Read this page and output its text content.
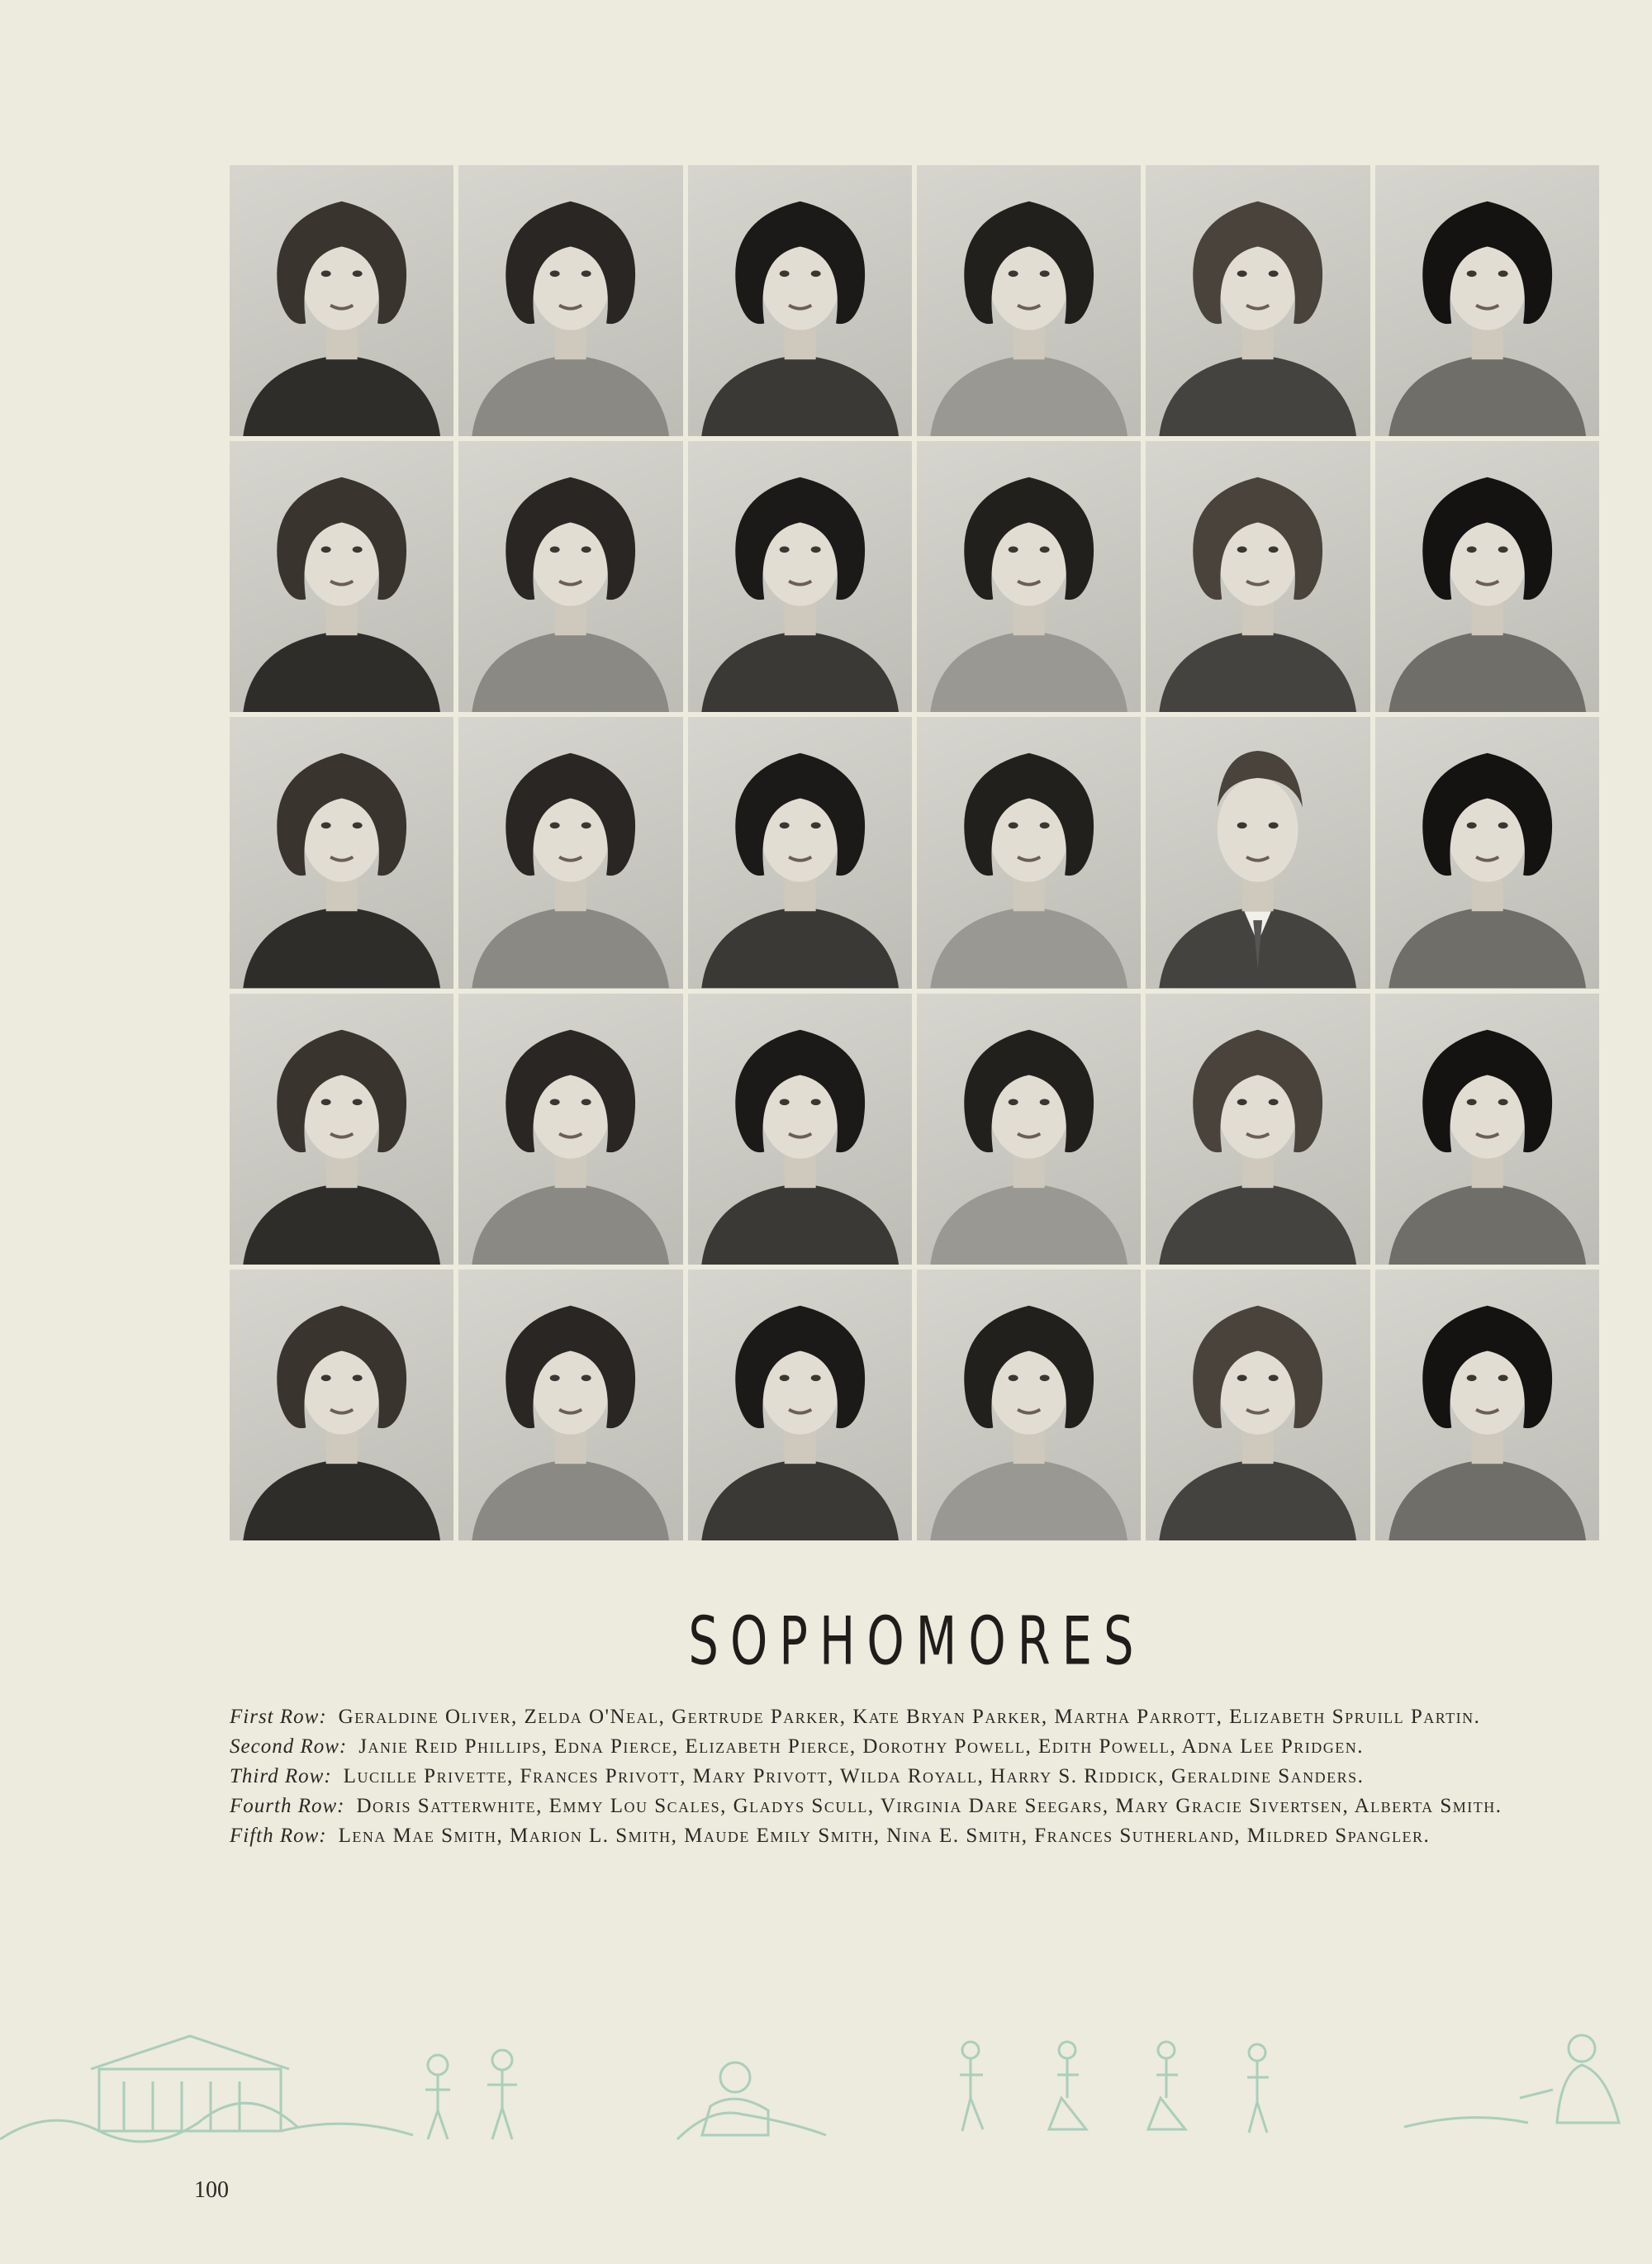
SOPHOMORES

First Row: Geraldine Oliver, Zelda O'Neal, Gertrude Parker, Kate Bryan Parker, Martha Parrott, Elizabeth Spruill Partin.

Second Row: Janie Reid Phillips, Edna Pierce, Elizabeth Pierce, Dorothy Powell, Edith Powell, Adna Lee Pridgen.

Third Row: Lucille Privette, Frances Privott, Mary Privott, Wilda Royall, Harry S. Riddick, Geraldine Sanders.

Fourth Row: Doris Satterwhite, Emmy Lou Scales, Gladys Scull, Virginia Dare Seegars, Mary Gracie Sivertsen, Alberta Smith.

Fifth Row: Lena Mae Smith, Marion L. Smith, Maude Emily Smith, Nina E. Smith, Frances Sutherland, Mildred Spangler.

100
